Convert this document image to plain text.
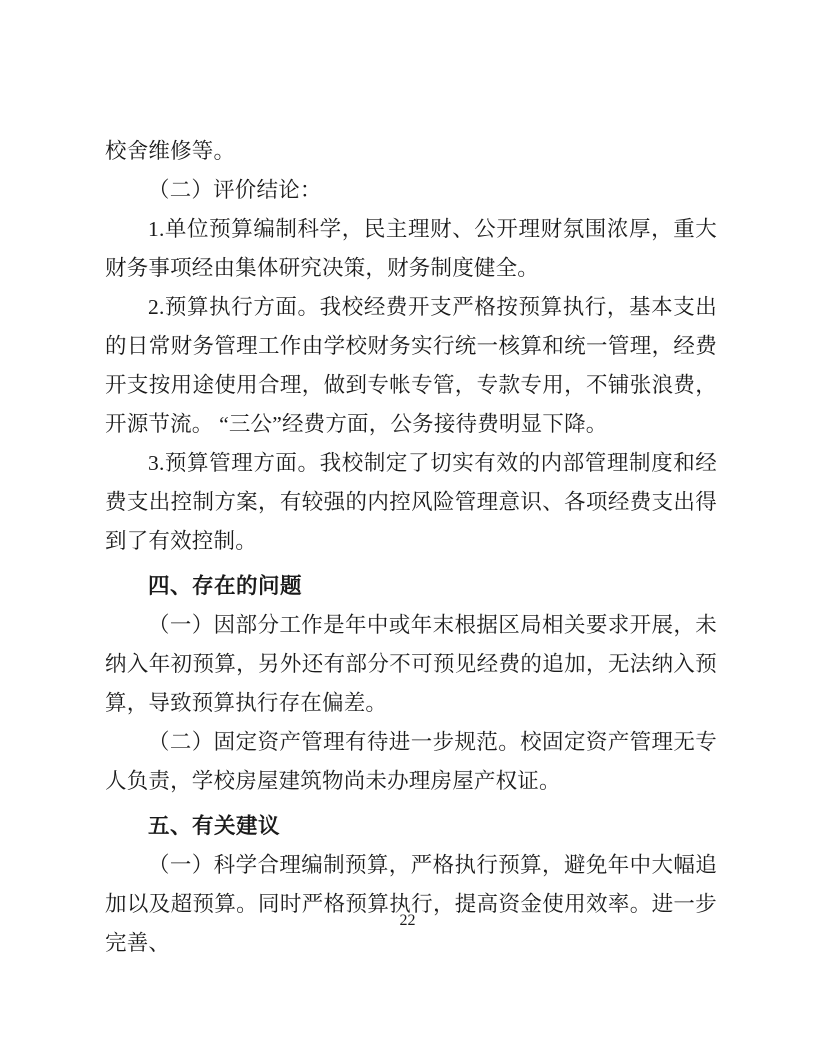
校舍维修等。

（二）评价结论：

1.单位预算编制科学，民主理财、公开理财氛围浓厚，重大财务事项经由集体研究决策，财务制度健全。

2.预算执行方面。我校经费开支严格按预算执行，基本支出的日常财务管理工作由学校财务实行统一核算和统一管理，经费开支按用途使用合理，做到专帐专管，专款专用，不铺张浪费，开源节流。 “三公”经费方面，公务接待费明显下降。

3.预算管理方面。我校制定了切实有效的内部管理制度和经费支出控制方案，有较强的内控风险管理意识、各项经费支出得到了有效控制。

四、存在的问题

（一）因部分工作是年中或年末根据区局相关要求开展，未纳入年初预算，另外还有部分不可预见经费的追加，无法纳入预算，导致预算执行存在偏差。

（二）固定资产管理有待进一步规范。校固定资产管理无专人负责，学校房屋建筑物尚未办理房屋产权证。

五、有关建议

（一）科学合理编制预算，严格执行预算，避免年中大幅追加以及超预算。同时严格预算执行，提高资金使用效率。进一步完善、

22
